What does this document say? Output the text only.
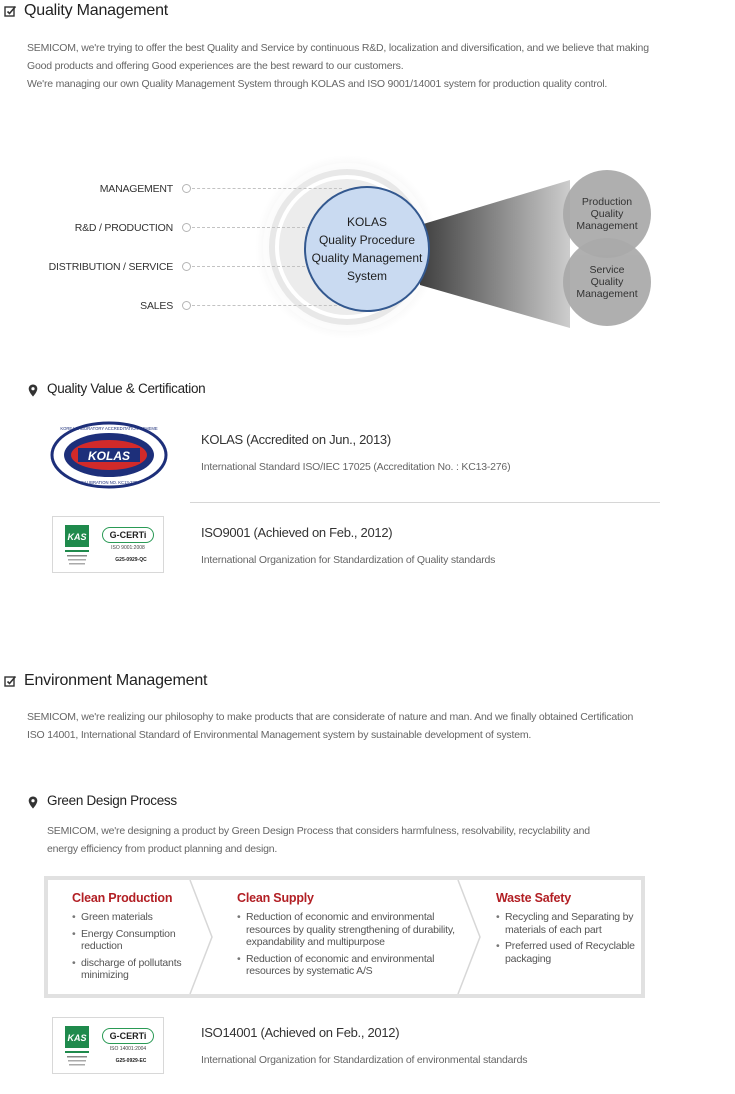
Quality Management
SEMICOM, we're trying to offer the best Quality and Service by continuous R&D, localization and diversification, and we believe that making
Good products and offering Good experiences are the best reward to our customers.
We're managing our own Quality Management System through KOLAS and ISO 9001/14001 system for production quality control.
MANAGEMENT
R&D / PRODUCTION
DISTRIBUTION / SERVICE
SALES
KOLAS
Quality Procedure
Quality Management
System
Production
Quality
Management
Service
Quality
Management
Quality Value & Certification
KOLAS
KOREA LABORATORY ACCREDITATION SCHEME
CALIBRATION NO. KC13-276
KOLAS (Accredited on Jun., 2013)
International Standard ISO/IEC 17025 (Accreditation No. : KC13-276)
KAS	G-CERTi
ISO 9001:2008
G25-0929-QC
ISO9001 (Achieved on Feb., 2012)
International Organization for Standardization of Quality standards
Environment Management
SEMICOM, we're realizing our philosophy to make products that are considerate of nature and man. And we finally obtained Certification
ISO 14001, International Standard of Environmental Management system by sustainable development of system.
Green Design Process
SEMICOM, we're designing a product by Green Design Process that considers harmfulness, resolvability, recyclability and
energy efficiency from product planning and design.
Clean Production
• Green materials
• Energy Consumption reduction
• discharge of pollutants minimizing
Clean Supply
• Reduction of economic and environmental resources by quality strengthening of durability, expandability and multipurpose
• Reduction of economic and environmental resources by systematic A/S
Waste Safety
• Recycling and Separating by materials of each part
• Preferred used of Recyclable packaging
KAS	G-CERTi
ISO 14001:2004
G25-0929-EC
ISO14001 (Achieved on Feb., 2012)
International Organization for Standardization of environmental standards
